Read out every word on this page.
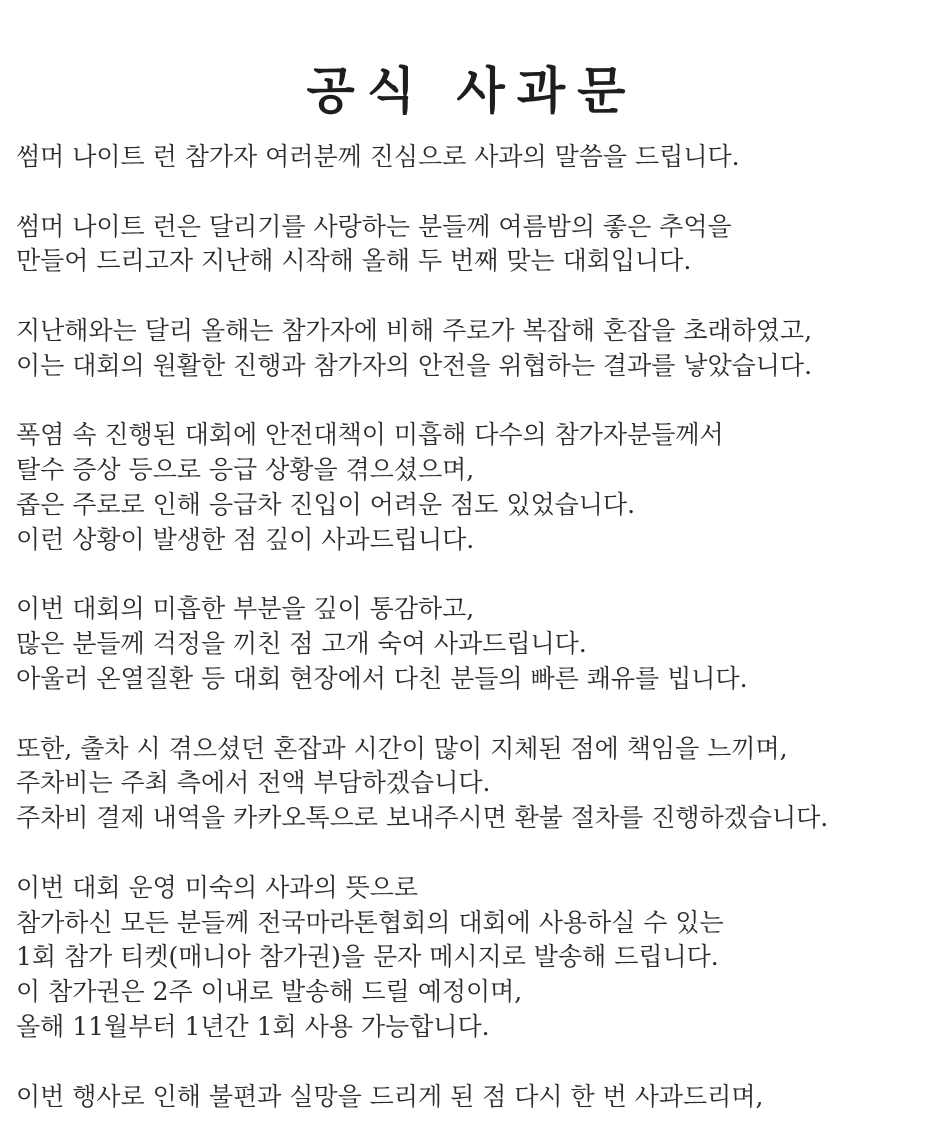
공식 사과문

썸머 나이트 런 참가자 여러분께 진심으로 사과의 말씀을 드립니다.

썸머 나이트 런은 달리기를 사랑하는 분들께 여름밤의 좋은 추억을
만들어 드리고자 지난해 시작해 올해 두 번째 맞는 대회입니다.

지난해와는 달리 올해는 참가자에 비해 주로가 복잡해 혼잡을 초래하였고,
이는 대회의 원활한 진행과 참가자의 안전을 위협하는 결과를 낳았습니다.

폭염 속 진행된 대회에 안전대책이 미흡해 다수의 참가자분들께서
탈수 증상 등으로 응급 상황을 겪으셨으며,
좁은 주로로 인해 응급차 진입이 어려운 점도 있었습니다.
이런 상황이 발생한 점 깊이 사과드립니다.

이번 대회의 미흡한 부분을 깊이 통감하고,
많은 분들께 걱정을 끼친 점 고개 숙여 사과드립니다.
아울러 온열질환 등 대회 현장에서 다친 분들의 빠른 쾌유를 빕니다.

또한, 출차 시 겪으셨던 혼잡과 시간이 많이 지체된 점에 책임을 느끼며,
주차비는 주최 측에서 전액 부담하겠습니다.
주차비 결제 내역을 카카오톡으로 보내주시면 환불 절차를 진행하겠습니다.

이번 대회 운영 미숙의 사과의 뜻으로
참가하신 모든 분들께 전국마라톤협회의 대회에 사용하실 수 있는
1회 참가 티켓(매니아 참가권)을 문자 메시지로 발송해 드립니다.
이 참가권은 2주 이내로 발송해 드릴 예정이며,
올해 11월부터 1년간 1회 사용 가능합니다.

이번 행사로 인해 불편과 실망을 드리게 된 점 다시 한 번 사과드리며,
